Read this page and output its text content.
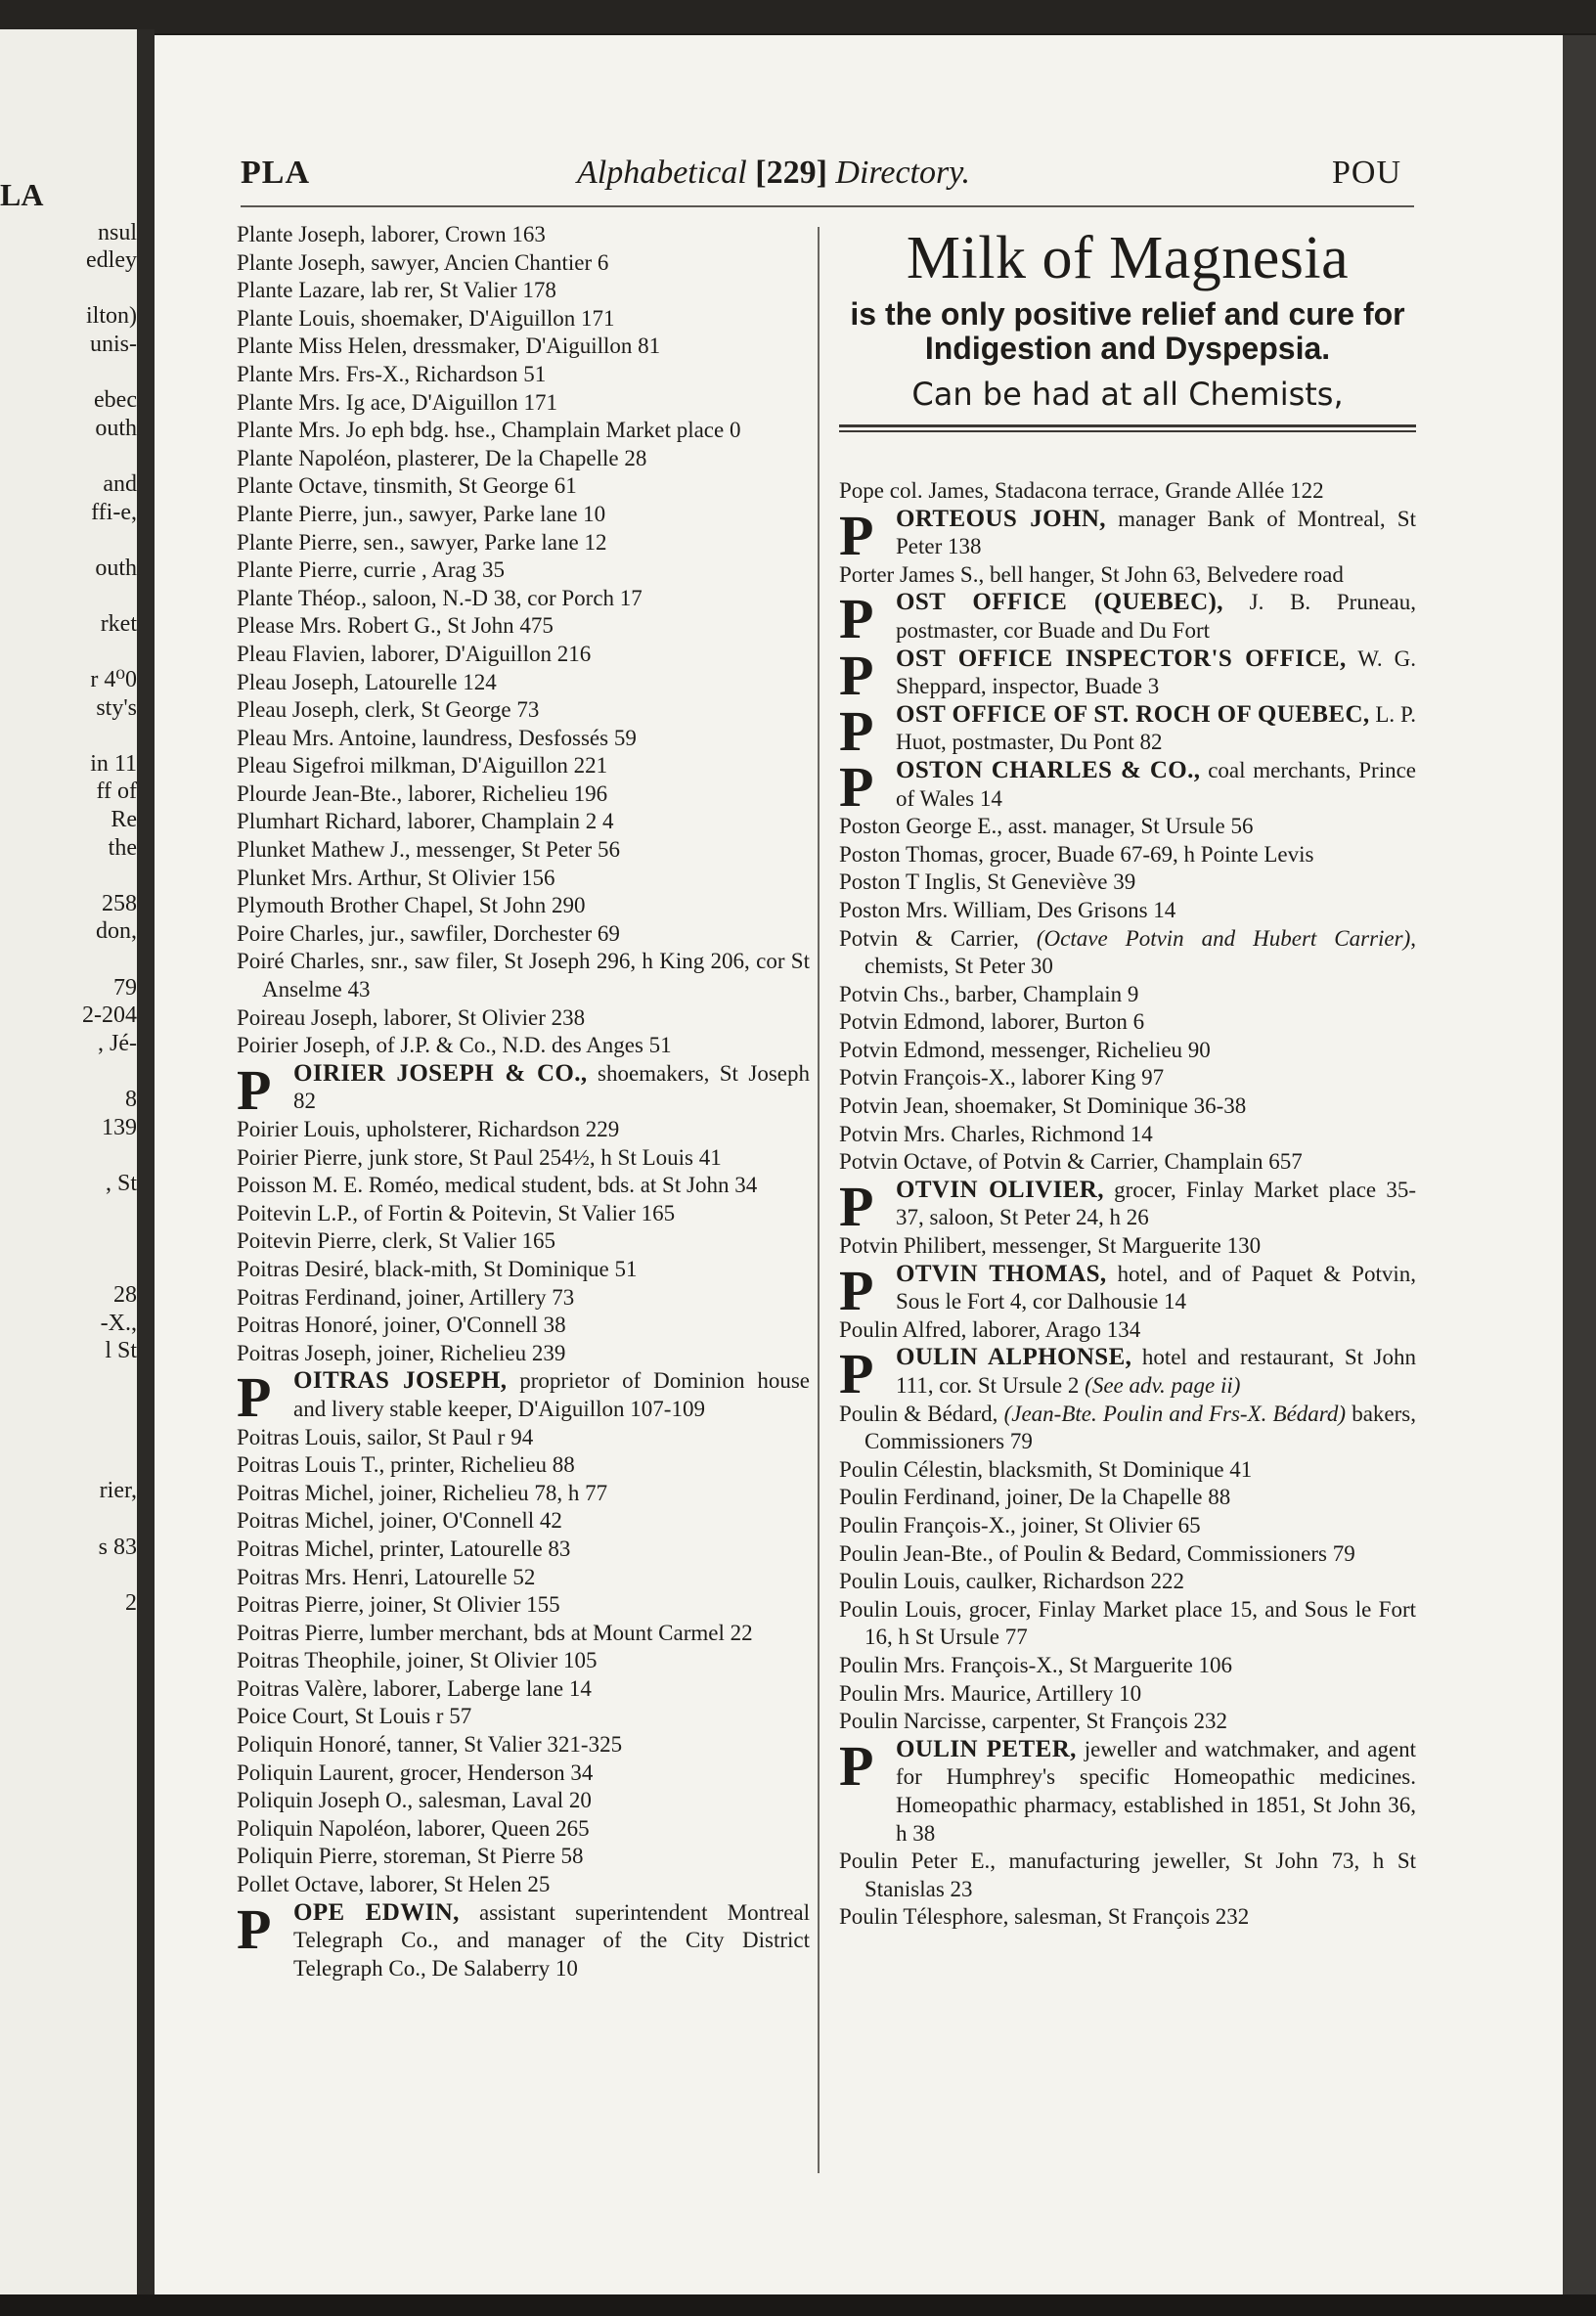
LA
nsul
edley

ilton)
unis-

ebec
outh

and
ffi-e,

outh

rket

r 4⁰0
sty's

in 11
ff of
Re
the

258
don,

79
2-204
, Jé-

8
139

, St

28
-X.,
l St

rier,

s 83

2
PLA	Alphabetical [229] Directory.	POU
Milk of Magnesia
is the only positive relief and cure for Indigestion and Dyspepsia.
Can be had at all Chemists,

Plante Joseph, laborer, Crown 163

Plante Joseph, sawyer, Ancien Chantier 6

Plante Lazare, lab rer, St Valier 178

Plante Louis, shoemaker, D'Aiguillon 171

Plante Miss Helen, dressmaker, D'Aiguillon 81

Plante Mrs. Frs-X., Richardson 51

Plante Mrs. Ig ace, D'Aiguillon 171

Plante Mrs. Jo eph bdg. hse., Champlain Market place 0

Plante Napoléon, plasterer, De la Chapelle 28

Plante Octave, tinsmith, St George 61

Plante Pierre, jun., sawyer, Parke lane 10

Plante Pierre, sen., sawyer, Parke lane 12

Plante Pierre, currie , Arag 35

Plante Théop., saloon, N.-D 38, cor Porch 17

Please Mrs. Robert G., St John 475

Pleau Flavien, laborer, D'Aiguillon 216

Pleau Joseph, Latourelle 124

Pleau Joseph, clerk, St George 73

Pleau Mrs. Antoine, laundress, Desfossés 59

Pleau Sigefroi milkman, D'Aiguillon 221

Plourde Jean-Bte., laborer, Richelieu 196

Plumhart Richard, laborer, Champlain 2 4

Plunket Mathew J., messenger, St Peter 56

Plunket Mrs. Arthur, St Olivier 156

Plymouth Brother Chapel, St John 290

Poire Charles, jur., sawfiler, Dorchester 69

Poiré Charles, snr., saw filer, St Joseph 296, h King 206, cor St Anselme 43

Poireau Joseph, laborer, St Olivier 238

Poirier Joseph, of J.P. & Co., N.D. des Anges 51

P OIRIER JOSEPH & CO., shoemakers, St Joseph 82

Poirier Louis, upholsterer, Richardson 229

Poirier Pierre, junk store, St Paul 254½, h St Louis 41

Poisson M. E. Roméo, medical student, bds. at St John 34

Poitevin L.P., of Fortin & Poitevin, St Valier 165

Poitevin Pierre, clerk, St Valier 165

Poitras Desiré, black-mith, St Dominique 51

Poitras Ferdinand, joiner, Artillery 73

Poitras Honoré, joiner, O'Connell 38

Poitras Joseph, joiner, Richelieu 239

P OITRAS JOSEPH, proprietor of Dominion house and livery stable keeper, D'Aiguillon 107-109

Poitras Louis, sailor, St Paul r 94

Poitras Louis T., printer, Richelieu 88

Poitras Michel, joiner, Richelieu 78, h 77

Poitras Michel, joiner, O'Connell 42

Poitras Michel, printer, Latourelle 83

Poitras Mrs. Henri, Latourelle 52

Poitras Pierre, joiner, St Olivier 155

Poitras Pierre, lumber merchant, bds at Mount Carmel 22

Poitras Theophile, joiner, St Olivier 105

Poitras Valère, laborer, Laberge lane 14

Poice Court, St Louis r 57

Poliquin Honoré, tanner, St Valier 321-325

Poliquin Laurent, grocer, Henderson 34

Poliquin Joseph O., salesman, Laval 20

Poliquin Napoléon, laborer, Queen 265

Poliquin Pierre, storeman, St Pierre 58

Pollet Octave, laborer, St Helen 25

P OPE EDWIN, assistant superintendent Montreal Telegraph Co., and manager of the City District Telegraph Co., De Salaberry 10

Pope col. James, Stadacona terrace, Grande Allée 122

P ORTEOUS JOHN, manager Bank of Montreal, St Peter 138

Porter James S., bell hanger, St John 63, Belvedere road

P OST OFFICE (QUEBEC), J. B. Pruneau, postmaster, cor Buade and Du Fort

P OST OFFICE INSPECTOR'S OFFICE, W. G. Sheppard, inspector, Buade 3

P OST OFFICE OF ST. ROCH OF QUEBEC, L. P. Huot, postmaster, Du Pont 82

P OSTON CHARLES & CO., coal merchants, Prince of Wales 14

Poston George E., asst. manager, St Ursule 56

Poston Thomas, grocer, Buade 67-69, h Pointe Levis

Poston T Inglis, St Geneviève 39

Poston Mrs. William, Des Grisons 14

Potvin & Carrier, (Octave Potvin and Hubert Carrier), chemists, St Peter 30

Potvin Chs., barber, Champlain 9

Potvin Edmond, laborer, Burton 6

Potvin Edmond, messenger, Richelieu 90

Potvin François-X., laborer King 97

Potvin Jean, shoemaker, St Dominique 36-38

Potvin Mrs. Charles, Richmond 14

Potvin Octave, of Potvin & Carrier, Champlain 657

P OTVIN OLIVIER, grocer, Finlay Market place 35-37, saloon, St Peter 24, h 26

Potvin Philibert, messenger, St Marguerite 130

P OTVIN THOMAS, hotel, and of Paquet & Potvin, Sous le Fort 4, cor Dalhousie 14

Poulin Alfred, laborer, Arago 134

P OULIN ALPHONSE, hotel and restaurant, St John 111, cor. St Ursule 2 (See adv. page ii)

Poulin & Bédard, (Jean-Bte. Poulin and Frs-X. Bédard) bakers, Commissioners 79

Poulin Célestin, blacksmith, St Dominique 41

Poulin Ferdinand, joiner, De la Chapelle 88

Poulin François-X., joiner, St Olivier 65

Poulin Jean-Bte., of Poulin & Bedard, Commissioners 79

Poulin Louis, caulker, Richardson 222

Poulin Louis, grocer, Finlay Market place 15, and Sous le Fort 16, h St Ursule 77

Poulin Mrs. François-X., St Marguerite 106

Poulin Mrs. Maurice, Artillery 10

Poulin Narcisse, carpenter, St François 232

P OULIN PETER, jeweller and watchmaker, and agent for Humphrey's specific Homeopathic medicines. Homeopathic pharmacy, established in 1851, St John 36, h 38

Poulin Peter E., manufacturing jeweller, St John 73, h St Stanislas 23

Poulin Télesphore, salesman, St François 232
